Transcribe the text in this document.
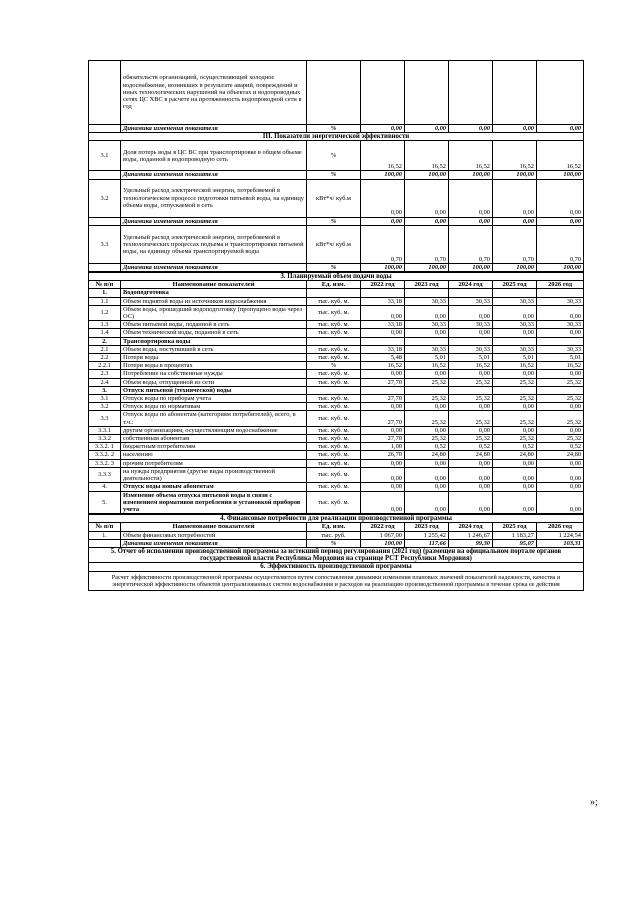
	обязательств организацией, осуществляющей холодное водоснабжение, возникших в результате аварий, повреждений и иных технологических нарушений на объектах и водопроводных сетях ЦС ХВС в расчете на протяженность водопроводной сети в год						
	Динамика изменения показателя	%	0,00	0,00	0,00	0,00	0,00
III. Показатели энергетической эффективности							
3.1	Доля потерь воды в ЦС ВС при транспортировке в общем объеме воды, поданной в водопроводную сеть	%	16,52	16,52	16,52	16,52	16,52
	Динамика изменения показателя	%	100,00	100,00	100,00	100,00	100,00
3.2	Удельный расход электрической энергии, потребляемой в технологическом процессе подготовки питьевой воды, на единицу объема воды, отпускаемой в сеть	кВт*ч/ куб.м	0,00	0,00	0,00	0,00	0,00
	Динамика изменения показателя	%	0,00	0,00	0,00	0,00	0,00
3.3	Удельный расход электрической энергии, потребляемой в технологических процессах подъема и транспортировки питьевой воды, на единицу объема транспортируемой воды	кВт*ч/ куб.м	0,70	0,70	0,70	0,70	0,70
	Динамика изменения показателя	%	100,00	100,00	100,00	100,00	100,00
3. Планируемый объем подачи воды							
№ п/п	Наименование показателей	Ед. изм.	2022 год	2023 год	2024 год	2025 год	2026 год
1.	Водоподготовка						
1.1	Объем поднятой воды из источников водоснабжения	тыс. куб. м.	33,18	30,33	30,33	30,33	30,33
1.2	Объем воды, прошедший водоподготовку (пропущено воды через ОС)	тыс. куб. м.	0,00	0,00	0,00	0,00	0,00
1.3	Объем питьевой воды, поданной в сеть	тыс. куб. м.	33,18	30,33	30,33	30,33	30,33
1.4	Объем технической воды, поданной в сеть	тыс. куб. м.	0,00	0,00	0,00	0,00	0,00
2.	Транспортировка воды						
2.1	Объем воды, поступившей в сеть	тыс. куб. м.	33,18	30,33	30,33	30,33	30,33
2.2	Потери воды	тыс. куб. м.	5,48	5,01	5,01	5,01	5,01
2.2.1	Потери воды в процентах	%	16,52	16,52	16,52	16,52	16,52
2.3	Потребление на собственные нужды	тыс. куб. м.	0,00	0,00	0,00	0,00	0,00
2.4	Объем воды, отпущенной из сети	тыс. куб. м.	27,70	25,32	25,32	25,32	25,32
3.	Отпуск питьевой (технической) воды						
3.1	Отпуск воды по приборам учета	тыс. куб. м.	27,70	25,32	25,32	25,32	25,32
3.2	Отпуск воды по нормативам	тыс. куб. м.	0,00	0,00	0,00	0,00	0,00
3.3	Отпуск воды по абонентам (категориям потребителей), всего, в т.ч.:	тыс. куб. м.	27,70	25,32	25,32	25,32	25,32
3.3.1	другим организациям, осуществляющим водоснабжение	тыс. куб. м.	0,00	0,00	0,00	0,00	0,00
3.3.2	собственным абонентам	тыс. куб. м.	27,70	25,32	25,32	25,32	25,32
3.3.2. 1	бюджетным потребителям	тыс. куб. м.	1,00	0,52	0,52	0,52	0,52
3.3.2. 2	населению	тыс. куб. м.	26,70	24,80	24,80	24,80	24,80
3.3.2. 3	прочим потребителям	тыс. куб. м.	0,00	0,00	0,00	0,00	0,00
3.3.3	на нужды предприятия (другие виды производственной деятельности)	тыс. куб. м.	0,00	0,00	0,00	0,00	0,00
4.	Отпуск воды новым абонентам	тыс. куб. м.	0,00	0,00	0,00	0,00	0,00
5.	Изменение объема отпуска питьевой воды в связи с изменением нормативов потребления и установкой приборов учета	тыс. куб. м.	0,00	0,00	0,00	0,00	0,00
4. Финансовые потребности для реализации производственной программы							
№ п/п	Наименование показателей	Ед. изм.	2022 год	2023 год	2024 год	2025 год	2026 год
1.	Объем финансовых потребностей	тыс. руб.	1 067,00	1 255,42	1 246,67	1 183,27	1 224,54
	Динамика изменения показателя	%	100,00	117,66	99,30	95,07	103,31
5. Отчет об исполнении производственной программы за истекший период регулирования (2021 год) (размещен на официальном портале органов государственной власти Республика Мордовия на странице РСТ Республики Мордовия)							
6. Эффективность производственной программы							
Расчет эффективности производственной программы осуществляется путем сопоставления динамики изменения плановых значений показателей надежности, качества и энергетической эффективности объектов централизованных систем водоснабжения и расходов на реализацию производственной программы в течение срока ее действия							
»;
